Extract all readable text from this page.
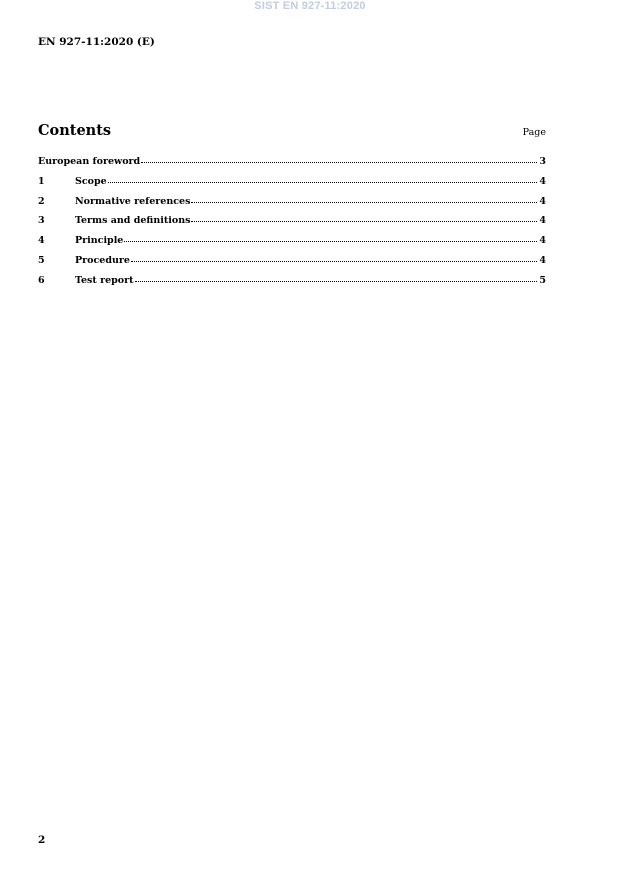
SIST EN 927-11:2020
EN 927-11:2020 (E)
Contents	Page
European foreword	3
1	Scope	4
2	Normative references	4
3	Terms and definitions	4
4	Principle	4
5	Procedure	4
6	Test report	5
2
